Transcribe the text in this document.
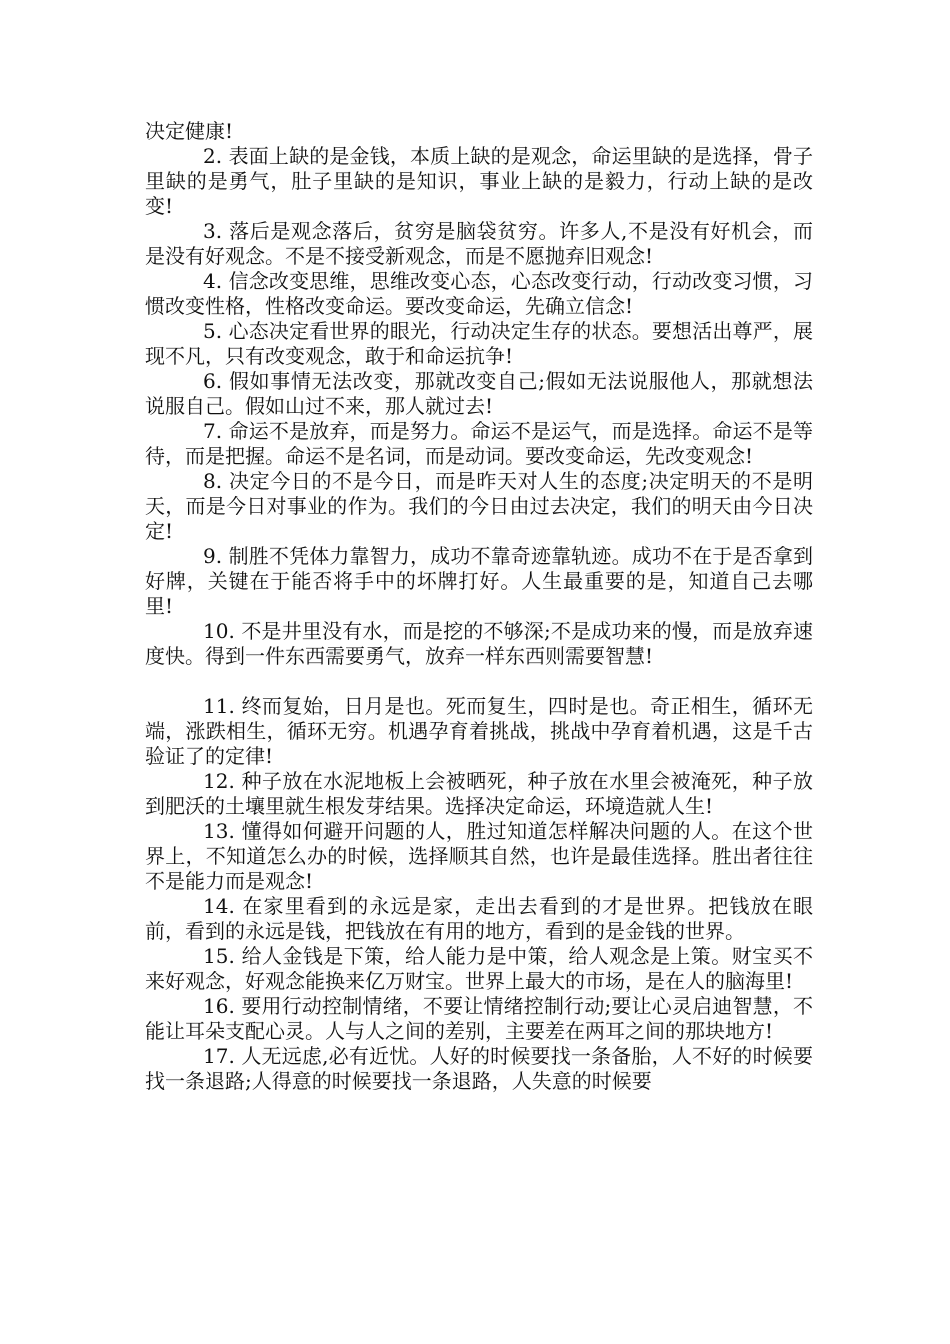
决定健康!

2. 表面上缺的是金钱，本质上缺的是观念，命运里缺的是选择，骨子里缺的是勇气，肚子里缺的是知识，事业上缺的是毅力，行动上缺的是改变!

3. 落后是观念落后，贫穷是脑袋贫穷。许多人,不是没有好机会，而是没有好观念。不是不接受新观念，而是不愿抛弃旧观念!

4. 信念改变思维，思维改变心态，心态改变行动，行动改变习惯，习惯改变性格，性格改变命运。要改变命运，先确立信念!

5. 心态决定看世界的眼光，行动决定生存的状态。要想活出尊严，展现不凡，只有改变观念，敢于和命运抗争!

6. 假如事情无法改变，那就改变自己;假如无法说服他人，那就想法说服自己。假如山过不来，那人就过去!

7. 命运不是放弃，而是努力。命运不是运气，而是选择。命运不是等待，而是把握。命运不是名词，而是动词。要改变命运，先改变观念!

8. 决定今日的不是今日，而是昨天对人生的态度;决定明天的不是明天，而是今日对事业的作为。我们的今日由过去决定，我们的明天由今日决定!

9. 制胜不凭体力靠智力，成功不靠奇迹靠轨迹。成功不在于是否拿到好牌，关键在于能否将手中的坏牌打好。人生最重要的是，知道自己去哪里!

10. 不是井里没有水，而是挖的不够深;不是成功来的慢，而是放弃速度快。得到一件东西需要勇气，放弃一样东西则需要智慧!

11. 终而复始，日月是也。死而复生，四时是也。奇正相生，循环无端，涨跌相生，循环无穷。机遇孕育着挑战，挑战中孕育着机遇，这是千古验证了的定律!

12. 种子放在水泥地板上会被晒死，种子放在水里会被淹死，种子放到肥沃的土壤里就生根发芽结果。选择决定命运，环境造就人生!

13. 懂得如何避开问题的人，胜过知道怎样解决问题的人。在这个世界上，不知道怎么办的时候，选择顺其自然，也许是最佳选择。胜出者往往不是能力而是观念!

14. 在家里看到的永远是家，走出去看到的才是世界。把钱放在眼前，看到的永远是钱，把钱放在有用的地方，看到的是金钱的世界。

15. 给人金钱是下策，给人能力是中策，给人观念是上策。财宝买不来好观念，好观念能换来亿万财宝。世界上最大的市场，是在人的脑海里!

16. 要用行动控制情绪，不要让情绪控制行动;要让心灵启迪智慧，不能让耳朵支配心灵。人与人之间的差别，主要差在两耳之间的那块地方!

17. 人无远虑,必有近忧。人好的时候要找一条备胎，人不好的时候要找一条退路;人得意的时候要找一条退路，人失意的时候要
